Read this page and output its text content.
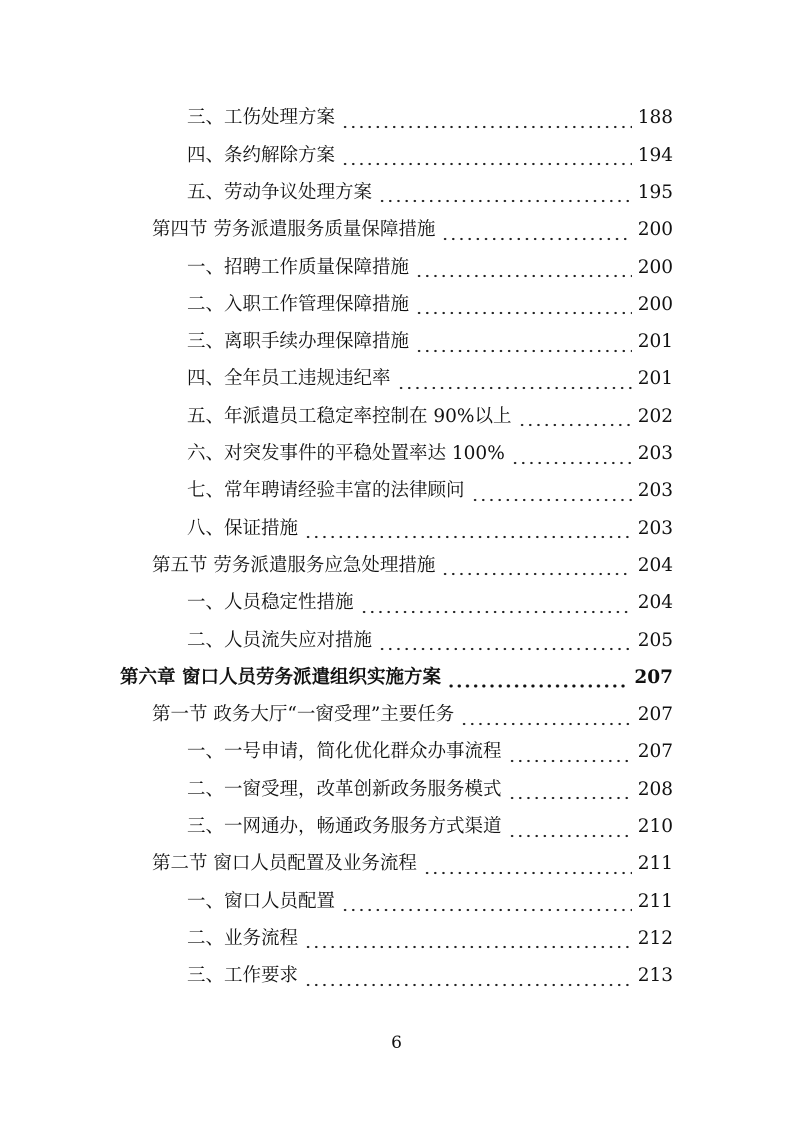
三、工伤处理方案	188
四、条约解除方案	194
五、劳动争议处理方案	195
第四节 劳务派遣服务质量保障措施	200
一、招聘工作质量保障措施	200
二、入职工作管理保障措施	200
三、离职手续办理保障措施	201
四、全年员工违规违纪率	201
五、年派遣员工稳定率控制在 90%以上	202
六、对突发事件的平稳处置率达 100%	203
七、常年聘请经验丰富的法律顾问	203
八、保证措施	203
第五节 劳务派遣服务应急处理措施	204
一、人员稳定性措施	204
二、人员流失应对措施	205
第六章 窗口人员劳务派遣组织实施方案	207
第一节 政务大厅“一窗受理”主要任务	207
一、一号申请，简化优化群众办事流程	207
二、一窗受理，改革创新政务服务模式	208
三、一网通办，畅通政务服务方式渠道	210
第二节 窗口人员配置及业务流程	211
一、窗口人员配置	211
二、业务流程	212
三、工作要求	213
6
